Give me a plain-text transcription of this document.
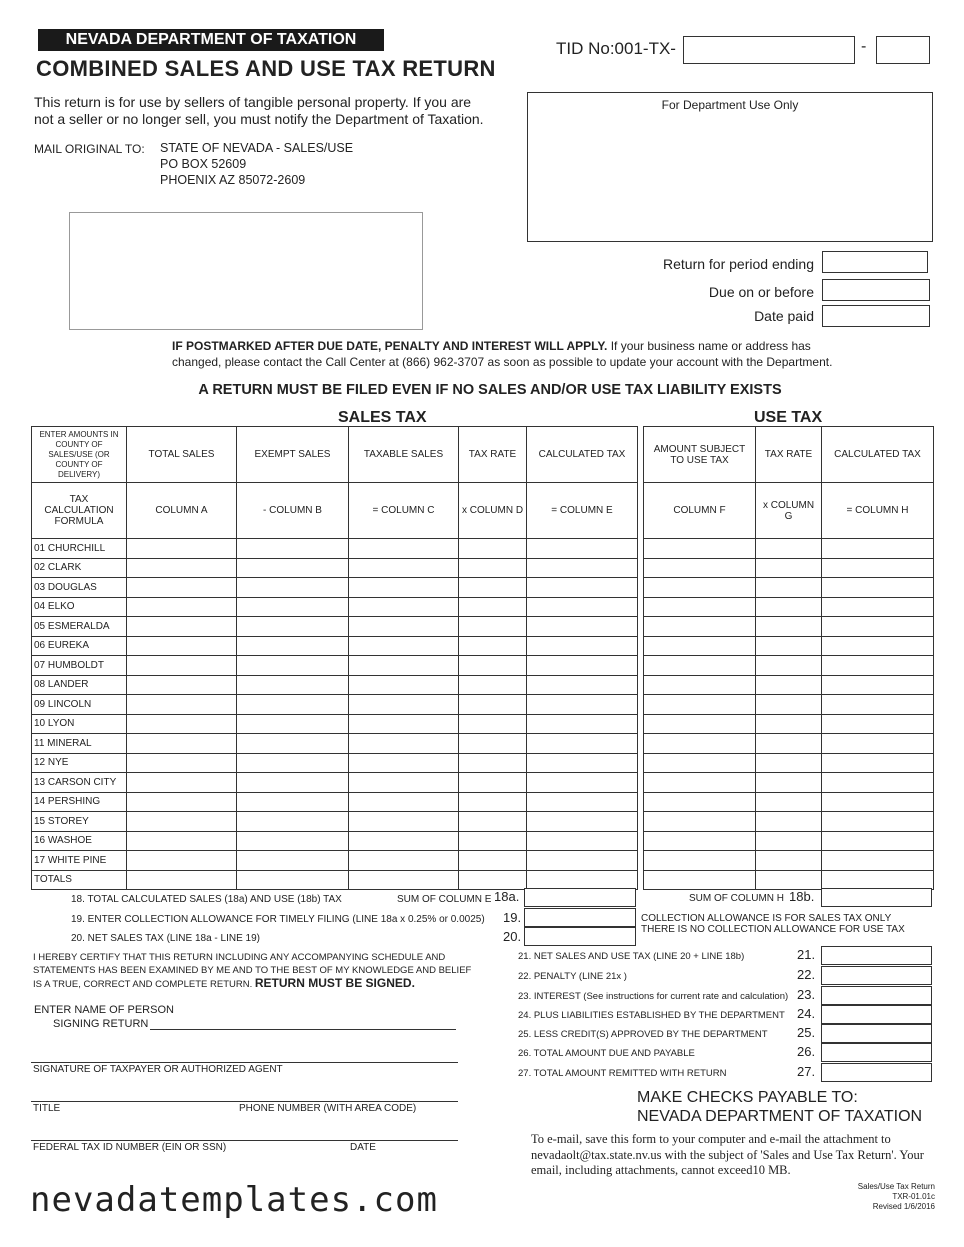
NEVADA DEPARTMENT OF TAXATION
COMBINED SALES AND USE TAX RETURN
TID No:001-TX-	-
This return is for use by sellers of tangible personal property. If you are
not a seller or no longer sell, you must notify the Department of Taxation.
MAIL ORIGINAL TO: STATE OF NEVADA - SALES/USE
PO BOX 52609
PHOENIX AZ 85072-2609
For Department Use Only
Return for period ending
Due on or before
Date paid
IF POSTMARKED AFTER DUE DATE, PENALTY AND INTEREST WILL APPLY. If your business name or address has
changed, please contact the Call Center at (866) 962-3707 as soon as possible to update your account with the Department.
A RETURN MUST BE FILED EVEN IF NO SALES AND/OR USE TAX LIABILITY EXISTS
SALES TAX	USE TAX
ENTER AMOUNTS IN COUNTY OF SALES/USE (OR COUNTY OF DELIVERY)	TOTAL SALES	EXEMPT SALES	TAXABLE SALES	TAX RATE	CALCULATED TAX		AMOUNT SUBJECT TO USE TAX	TAX RATE	CALCULATED TAX
TAX CALCULATION FORMULA	COLUMN A	- COLUMN B	= COLUMN C	x COLUMN D	= COLUMN E		COLUMN F	x COLUMN G	= COLUMN H
01 CHURCHILL									
02 CLARK									
03 DOUGLAS									
04 ELKO									
05 ESMERALDA									
06 EUREKA									
07 HUMBOLDT									
08 LANDER									
09 LINCOLN									
10 LYON									
11 MINERAL									
12 NYE									
13 CARSON CITY									
14 PERSHING									
15 STOREY									
16 WASHOE									
17 WHITE PINE									
TOTALS									
18. TOTAL CALCULATED SALES (18a) AND USE (18b) TAX	SUM OF COLUMN E 18a.	SUM OF COLUMN H 18b.
19. ENTER COLLECTION ALLOWANCE FOR TIMELY FILING (LINE 18a x 0.25% or 0.0025) 19.	COLLECTION ALLOWANCE IS FOR SALES TAX ONLY
THERE IS NO COLLECTION ALLOWANCE FOR USE TAX
20. NET SALES TAX (LINE 18a - LINE 19)	20.
21. NET SALES AND USE TAX (LINE 20 + LINE 18b)	21.
22. PENALTY (LINE 21x )	22.
23. INTEREST (See instructions for current rate and calculation) 23.
24. PLUS LIABILITIES ESTABLISHED BY THE DEPARTMENT 24.
25. LESS CREDIT(S) APPROVED BY THE DEPARTMENT 25.
26. TOTAL AMOUNT DUE AND PAYABLE	26.
27. TOTAL AMOUNT REMITTED WITH RETURN	27.
I HEREBY CERTIFY THAT THIS RETURN INCLUDING ANY ACCOMPANYING SCHEDULE AND
STATEMENTS HAS BEEN EXAMINED BY ME AND TO THE BEST OF MY KNOWLEDGE AND BELIEF
IS A TRUE, CORRECT AND COMPLETE RETURN. RETURN MUST BE SIGNED.
ENTER NAME OF PERSON
SIGNING RETURN
SIGNATURE OF TAXPAYER OR AUTHORIZED AGENT
TITLE	PHONE NUMBER (WITH AREA CODE)
FEDERAL TAX ID NUMBER (EIN OR SSN)	DATE
MAKE CHECKS PAYABLE TO:
NEVADA DEPARTMENT OF TAXATION
To e-mail, save this form to your computer and e-mail the attachment to
nevadaolt@tax.state.nv.us with the subject of 'Sales and Use Tax Return'. Your
email, including attachments, cannot exceed10 MB.
Sales/Use Tax Return
TXR-01.01c
Revised 1/6/2016
nevadatemplates.com
